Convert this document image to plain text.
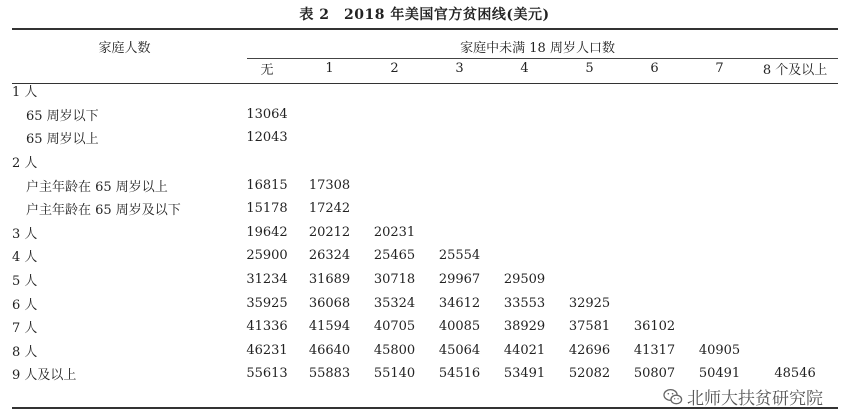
表 2　2018 年美国官方贫困线(美元)
家庭人数	家庭中未满 18 周岁人口数								
	无	1	2	3	4	5	6	7	8 个及以上
1 人									
65 周岁以下	13064								
65 周岁以上	12043								
2 人									
户主年龄在 65 周岁以上	16815	17308							
户主年龄在 65 周岁及以下	15178	17242							
3 人	19642	20212	20231						
4 人	25900	26324	25465	25554					
5 人	31234	31689	30718	29967	29509				
6 人	35925	36068	35324	34612	33553	32925			
7 人	41336	41594	40705	40085	38929	37581	36102		
8 人	46231	46640	45800	45064	44021	42696	41317	40905	
9 人及以上	55613	55883	55140	54516	53491	52082	50807	50491	48546
北师大扶贫研究院
